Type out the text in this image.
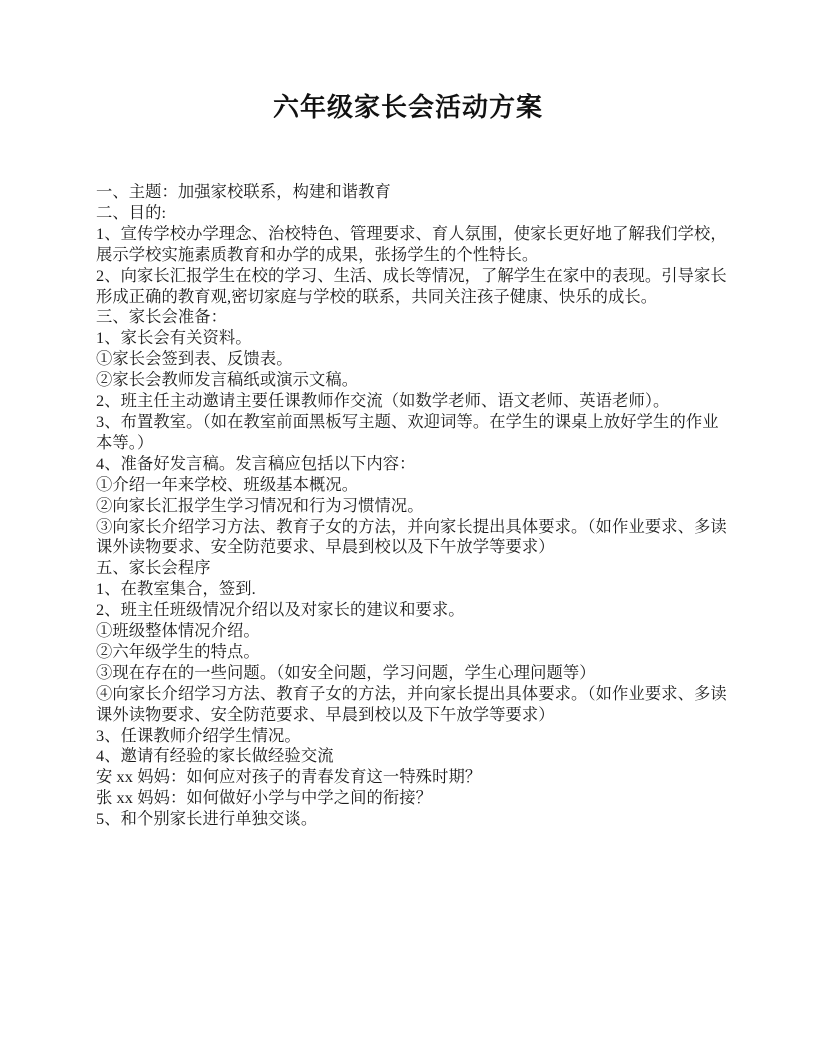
六年级家长会活动方案
一、主题：加强家校联系，构建和谐教育
二、目的:
1、宣传学校办学理念、治校特色、管理要求、育人氛围，使家长更好地了解我们学校，
展示学校实施素质教育和办学的成果，张扬学生的个性特长。
2、向家长汇报学生在校的学习、生活、成长等情况，了解学生在家中的表现。引导家长
形成正确的教育观,密切家庭与学校的联系，共同关注孩子健康、快乐的成长。
三、家长会准备：
1、家长会有关资料。
①家长会签到表、反馈表。
②家长会教师发言稿纸或演示文稿。
2、班主任主动邀请主要任课教师作交流（如数学老师、语文老师、英语老师）。
3、布置教室。（如在教室前面黑板写主题、欢迎词等。在学生的课桌上放好学生的作业
本等。）
4、准备好发言稿。发言稿应包括以下内容：
①介绍一年来学校、班级基本概况。
②向家长汇报学生学习情况和行为习惯情况。
③向家长介绍学习方法、教育子女的方法，并向家长提出具体要求。（如作业要求、多读
课外读物要求、安全防范要求、早晨到校以及下午放学等要求）
五、家长会程序
1、在教室集合，签到.
2、班主任班级情况介绍以及对家长的建议和要求。
①班级整体情况介绍。
②六年级学生的特点。
③现在存在的一些问题。（如安全问题，学习问题，学生心理问题等）
④向家长介绍学习方法、教育子女的方法，并向家长提出具体要求。（如作业要求、多读
课外读物要求、安全防范要求、早晨到校以及下午放学等要求）
3、任课教师介绍学生情况。
4、邀请有经验的家长做经验交流
安 xx 妈妈：如何应对孩子的青春发育这一特殊时期？
张 xx 妈妈：如何做好小学与中学之间的衔接？
5、和个别家长进行单独交谈。
